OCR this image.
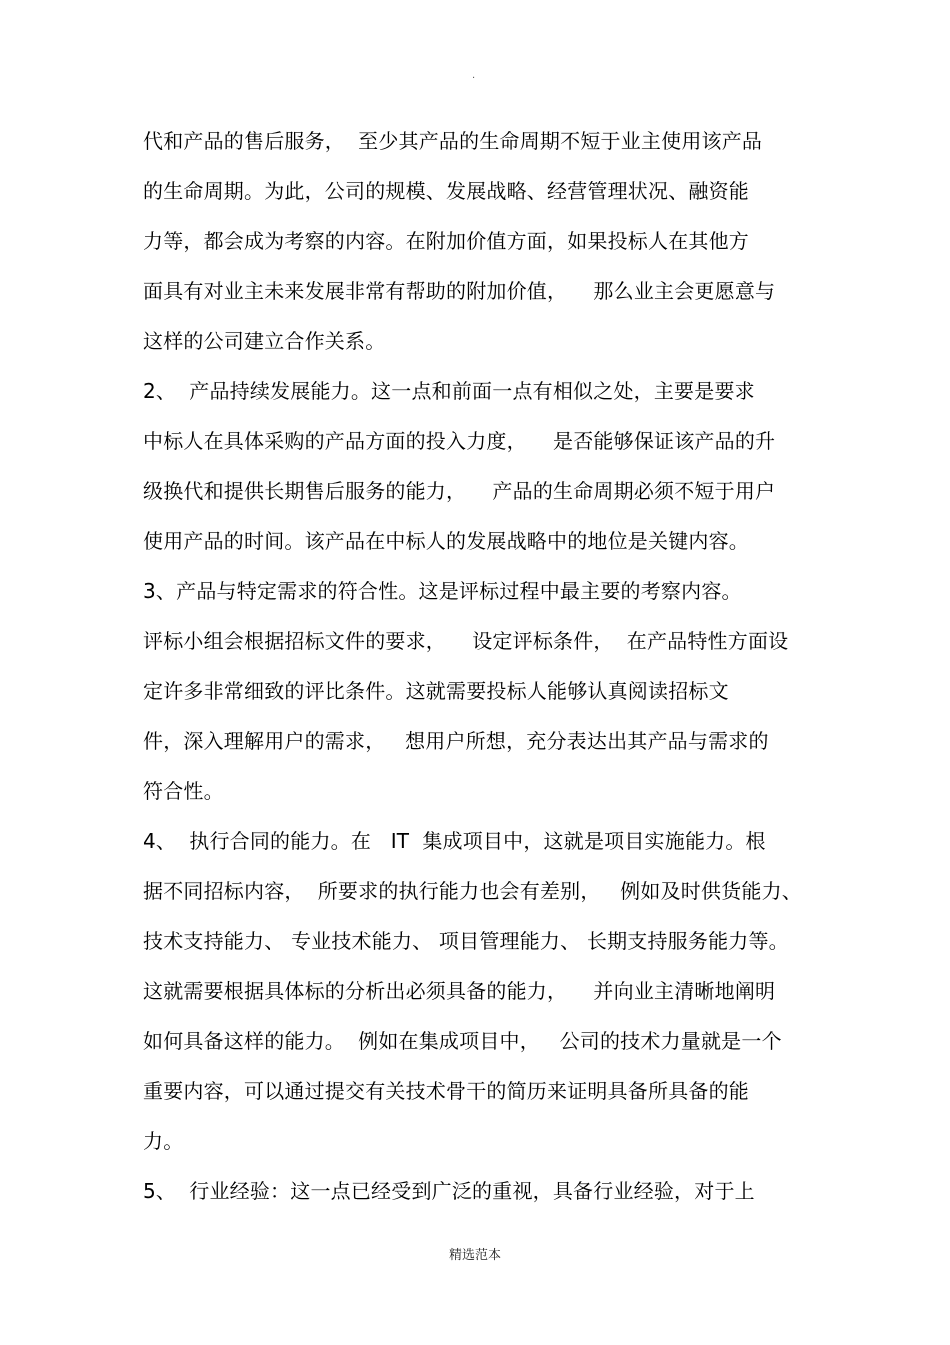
.
代和产品的售后服务，  至少其产品的生命周期不短于业主使用该产品
的生命周期。为此，公司的规模、发展战略、经营管理状况、融资能
力等，都会成为考察的内容。在附加价值方面，如果投标人在其他方
面具有对业主未来发展非常有帮助的附加价值，    那么业主会更愿意与
这样的公司建立合作关系。
2、  产品持续发展能力。这一点和前面一点有相似之处，主要是要求
中标人在具体采购的产品方面的投入力度，    是否能够保证该产品的升
级换代和提供长期售后服务的能力，    产品的生命周期必须不短于用户
使用产品的时间。该产品在中标人的发展战略中的地位是关键内容。
3、产品与特定需求的符合性。这是评标过程中最主要的考察内容。
评标小组会根据招标文件的要求，    设定评标条件，  在产品特性方面设
定许多非常细致的评比条件。这就需要投标人能够认真阅读招标文
件，深入理解用户的需求，   想用户所想，充分表达出其产品与需求的
符合性。
4、  执行合同的能力。在   IT  集成项目中，这就是项目实施能力。根
据不同招标内容，  所要求的执行能力也会有差别，   例如及时供货能力、
技术支持能力、 专业技术能力、 项目管理能力、 长期支持服务能力等。
这就需要根据具体标的分析出必须具备的能力，    并向业主清晰地阐明
如何具备这样的能力。  例如在集成项目中，   公司的技术力量就是一个
重要内容，可以通过提交有关技术骨干的简历来证明具备所具备的能
力。
5、  行业经验：这一点已经受到广泛的重视，具备行业经验，对于上
精选范本
